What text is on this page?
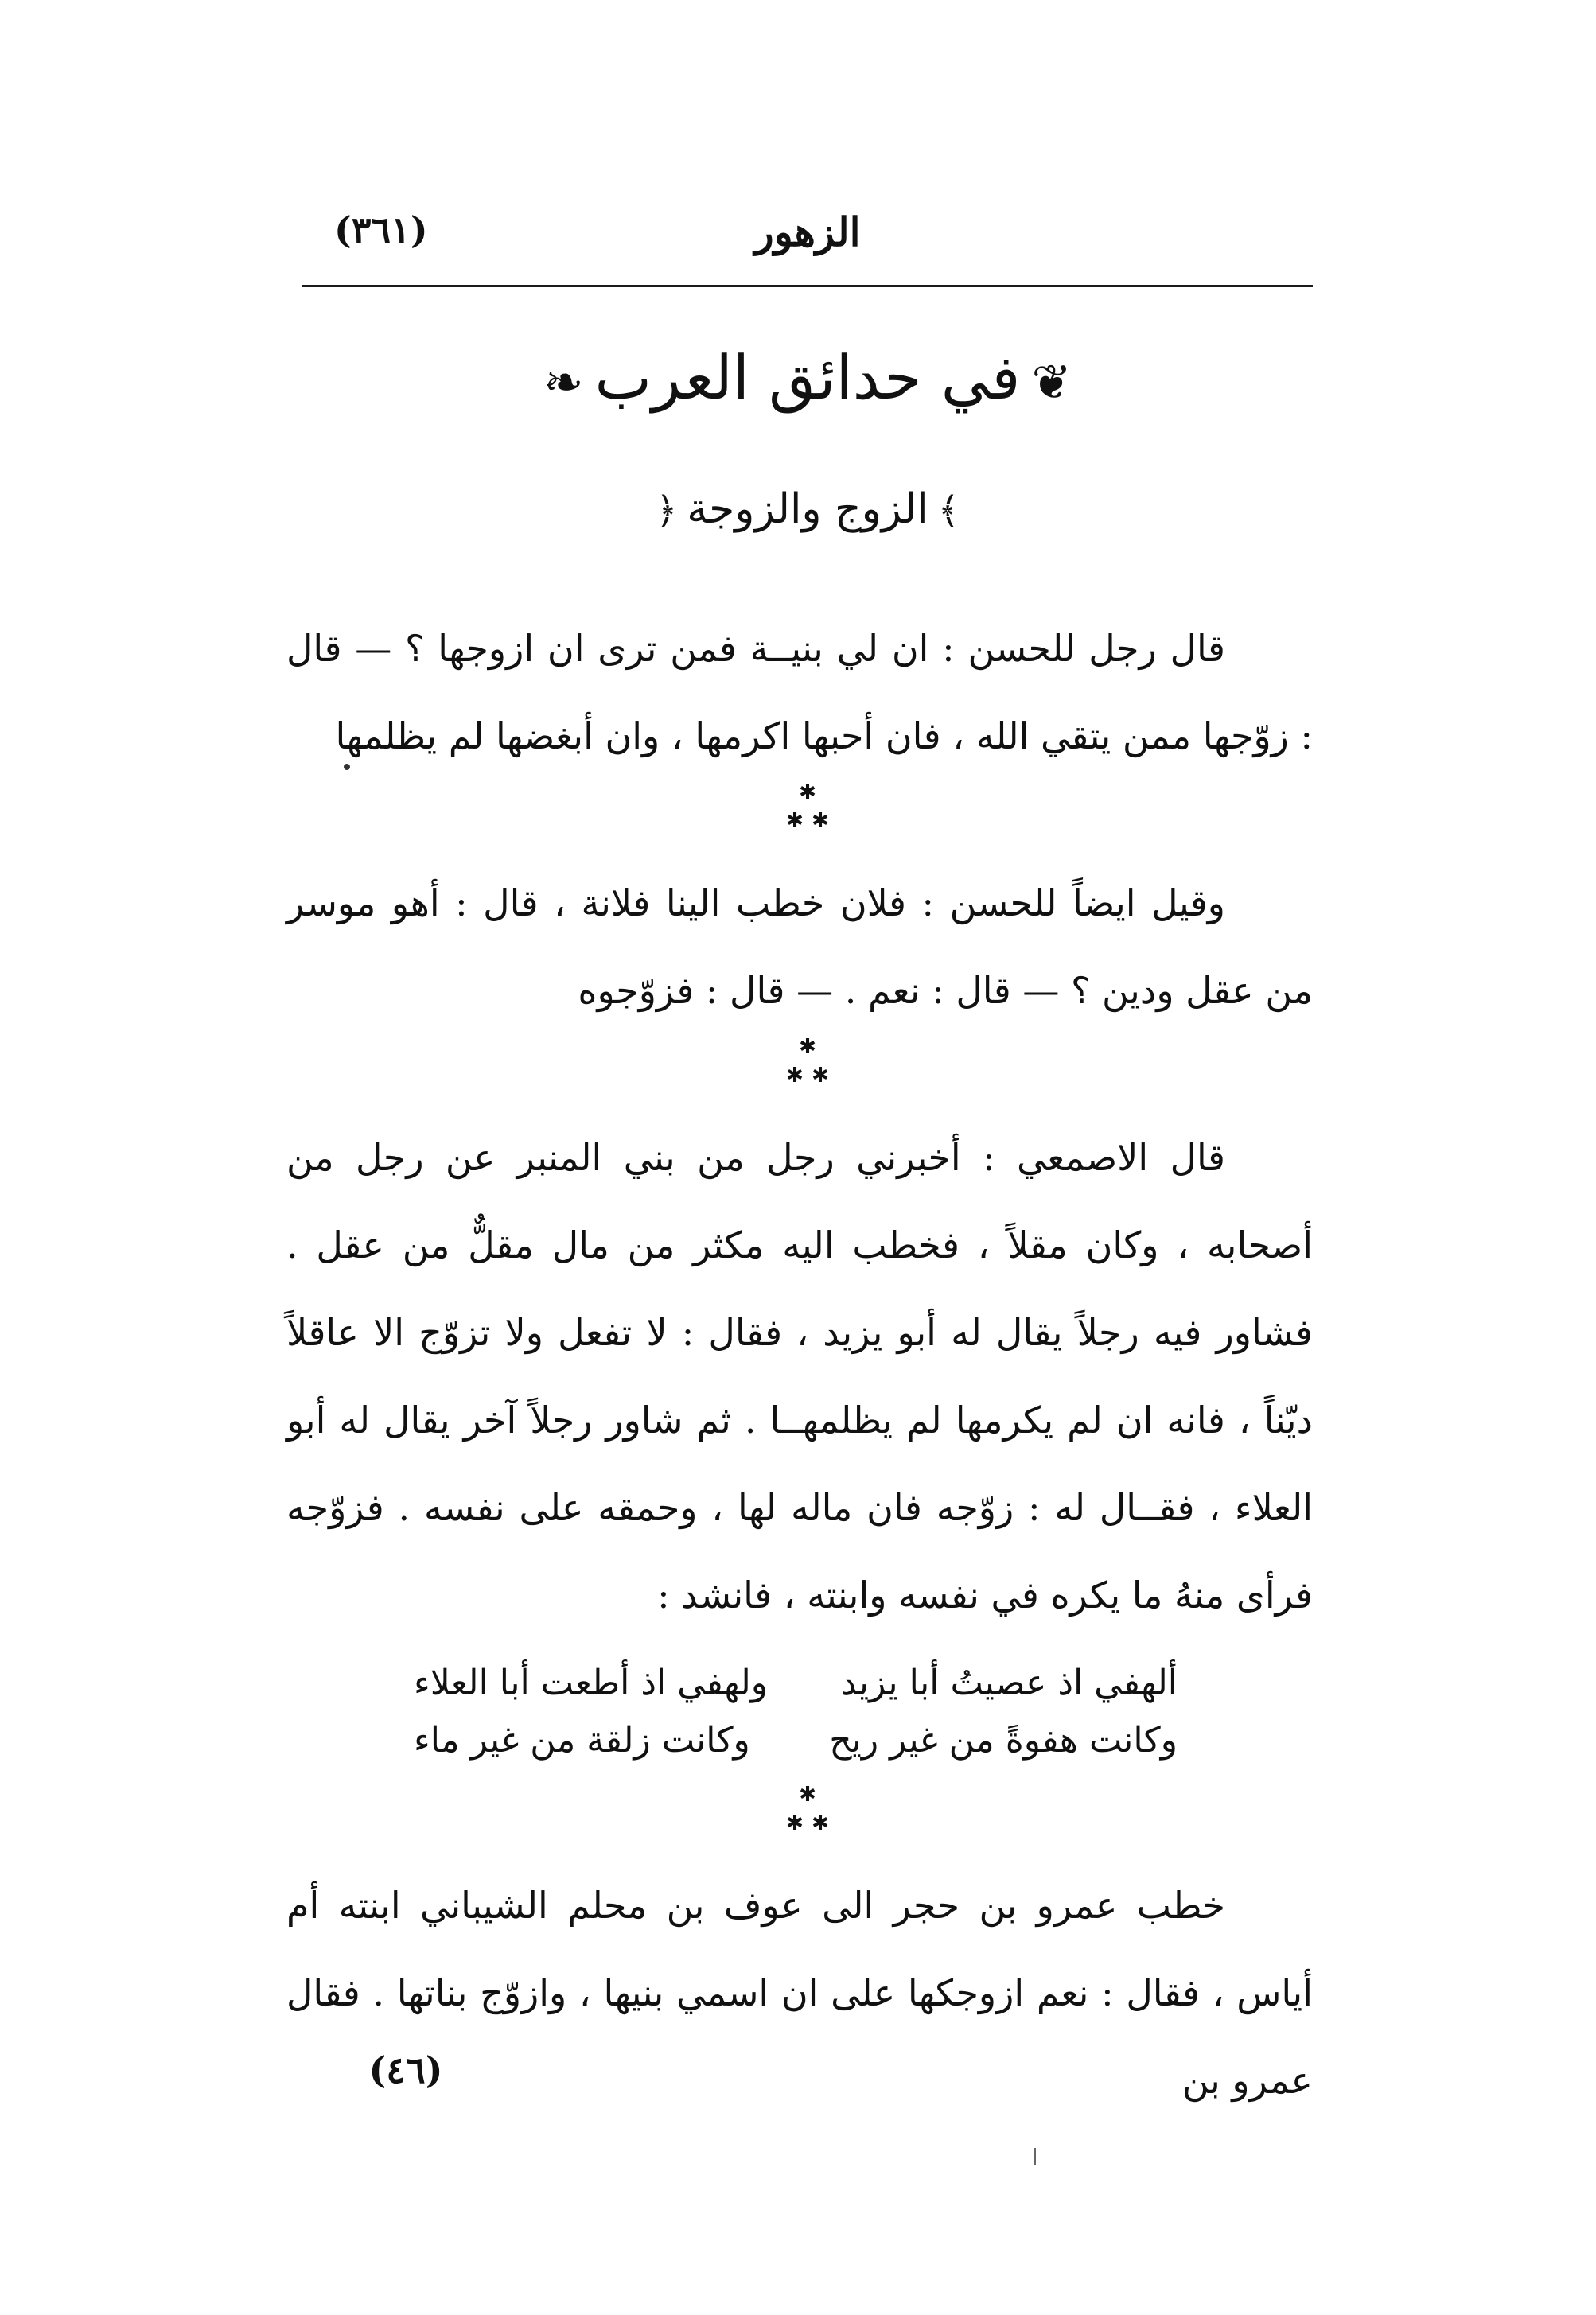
الزهور
(٣٦١)
❦في حدائق العرب❧
﴾الزوج والزوجة﴿

قال رجل للحسن : ان لي بنيــة فمن ترى ان ازوجها ؟ — قال : زوّجها ممن يتقي الله ، فان أحبها اكرمها ، وان أبغضها لم يظلمها

✱
✱ ✱

وقيل ايضاً للحسن : فلان خطب الينا فلانة ، قال : أهو موسر من عقل ودين ؟ — قال : نعم . — قال : فزوّجوه

✱
✱ ✱

قال الاصمعي : أخبرني رجل من بني المنبر عن رجل من أصحابه ، وكان مقلاً ، فخطب اليه مكثر من مال مقلٌّ من عقل . فشاور فيه رجلاً يقال له أبو يزيد ، فقال : لا تفعل ولا تزوّج الا عاقلاً ديّناً ، فانه ان لم يكرمها لم يظلمهــا . ثم شاور رجلاً آخر يقال له أبو العلاء ، فقــال له : زوّجه فان ماله لها ، وحمقه على نفسه . فزوّجه فرأى منهُ ما يكره في نفسه وابنته ، فانشد :

ألهفي اذ عصيتُ أبا يزيد
ولهفي اذ أطعت أبا العلاء
وكانت هفوةً من غير ريح
وكانت زلقة من غير ماء
✱
✱ ✱

خطب عمرو بن حجر الى عوف بن محلم الشيباني ابنته أم أياس ، فقال : نعم ازوجكها على ان اسمي بنيها ، وازوّج بناتها . فقال عمرو بن

(٤٦)
